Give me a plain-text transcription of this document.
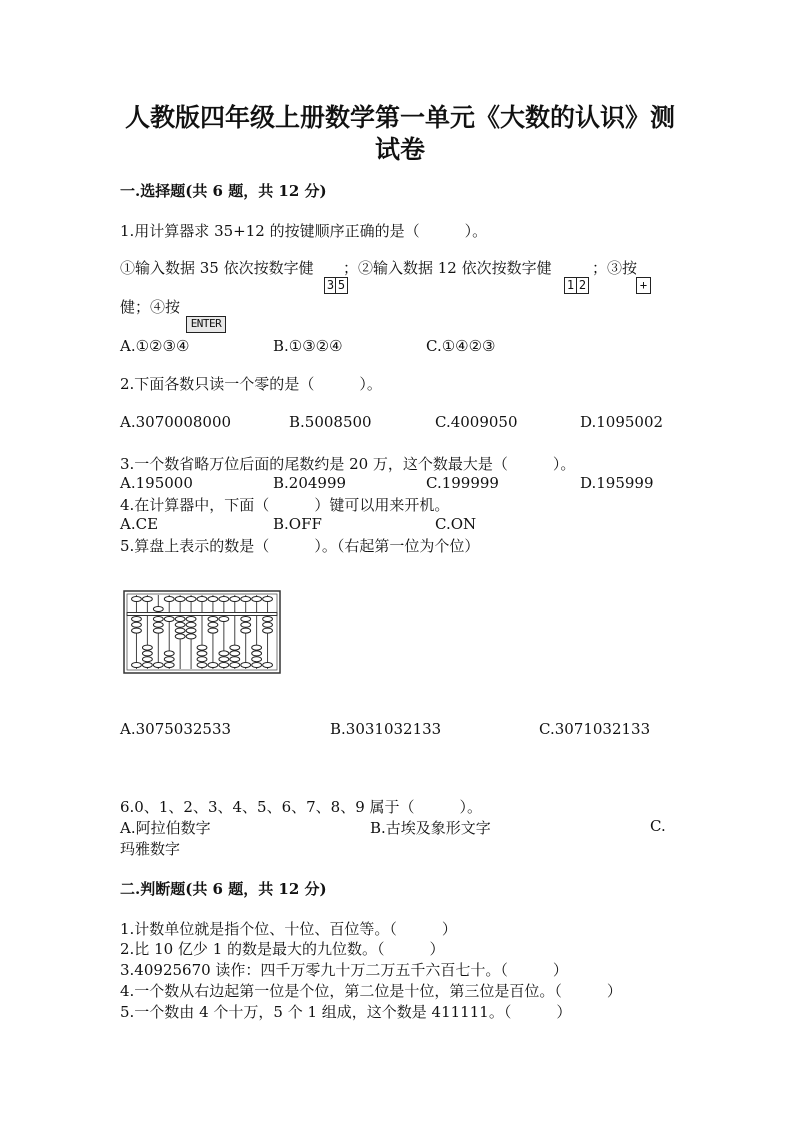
人教版四年级上册数学第一单元《大数的认识》测
试卷
一.选择题(共 6 题，共 12 分)
1.用计算器求 35+12 的按键顺序正确的是（　　　）。
①输入数据 35 依次按数字健 ；②输入数据 12 依次按数字健	；③按
3 5	1 2	+
健；④按
ENTER
A.①②③④	B.①③②④	C.①④②③
2.下面各数只读一个零的是（　　　）。
A.3070008000	B.5008500	C.4009050	D.1095002
3.一个数省略万位后面的尾数约是 20 万，这个数最大是（　　　）。
A.195000	B.204999	C.199999	D.195999
4.在计算器中，下面（　　　）键可以用来开机。
A.CE	B.OFF	C.ON
5.算盘上表示的数是（　　　）。（右起第一位为个位）
A.3075032533	B.3031032133	C.3071032133
6.0、1、2、3、4、5、6、7、8、9 属于（　　　）。
A.阿拉伯数字	B.古埃及象形文字	C.
玛雅数字
二.判断题(共 6 题，共 12 分)
1.计数单位就是指个位、十位、百位等。（　　　）
2.比 10 亿少 1 的数是最大的九位数。（　　　）
3.40925670 读作：四千万零九十万二万五千六百七十。（　　　）
4.一个数从右边起第一位是个位，第二位是十位，第三位是百位。（　　　）
5.一个数由 4 个十万，5 个 1 组成，这个数是 411111。（　　　）
